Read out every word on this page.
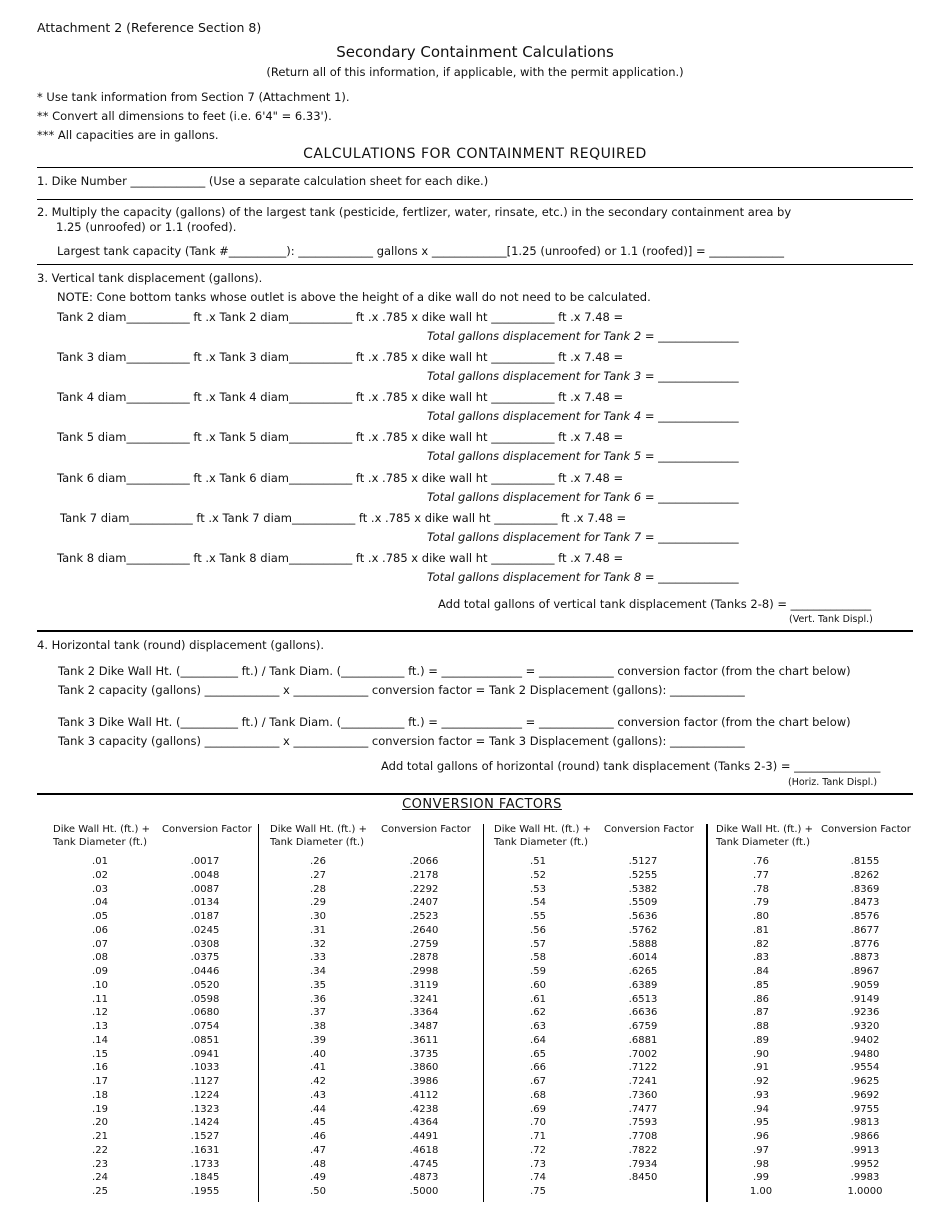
Attachment 2 (Reference Section 8)
Secondary Containment Calculations
(Return all of this information, if applicable, with the permit application.)
* Use tank information from Section 7 (Attachment 1).
** Convert all dimensions to feet (i.e. 6'4" = 6.33').
*** All capacities are in gallons.
CALCULATIONS FOR CONTAINMENT REQUIRED
1. Dike Number _____________ (Use a separate calculation sheet for each dike.)
2. Multiply the capacity (gallons) of the largest tank (pesticide, fertlizer, water, rinsate, etc.) in the secondary containment area by
1.25 (unroofed) or 1.1 (roofed).
Largest tank capacity (Tank #__________): _____________ gallons x _____________[1.25 (unroofed) or 1.1 (roofed)] = _____________
3. Vertical tank displacement (gallons).
NOTE: Cone bottom tanks whose outlet is above the height of a dike wall do not need to be calculated.
Tank 2 diam___________ ft .x Tank 2 diam___________ ft .x .785 x dike wall ht ___________ ft .x 7.48 =
Total gallons displacement for Tank 2 = ______________
Tank 3 diam___________ ft .x Tank 3 diam___________ ft .x .785 x dike wall ht ___________ ft .x 7.48 =
Total gallons displacement for Tank 3 = ______________
Tank 4 diam___________ ft .x Tank 4 diam___________ ft .x .785 x dike wall ht ___________ ft .x 7.48 =
Total gallons displacement for Tank 4 = ______________
Tank 5 diam___________ ft .x Tank 5 diam___________ ft .x .785 x dike wall ht ___________ ft .x 7.48 =
Total gallons displacement for Tank 5 = ______________
Tank 6 diam___________ ft .x Tank 6 diam___________ ft .x .785 x dike wall ht ___________ ft .x 7.48 =
Total gallons displacement for Tank 6 = ______________
Tank 7 diam___________ ft .x Tank 7 diam___________ ft .x .785 x dike wall ht ___________ ft .x 7.48 =
Total gallons displacement for Tank 7 = ______________
Tank 8 diam___________ ft .x Tank 8 diam___________ ft .x .785 x dike wall ht ___________ ft .x 7.48 =
Total gallons displacement for Tank 8 = ______________
Add total gallons of vertical tank displacement (Tanks 2-8) = ______________
(Vert. Tank Displ.)
4. Horizontal tank (round) displacement (gallons).
Tank 2 Dike Wall Ht. (__________ ft.) / Tank Diam. (___________ ft.) = ______________ = _____________ conversion factor (from the chart below)
Tank 2 capacity (gallons) _____________ x _____________ conversion factor = Tank 2 Displacement (gallons): _____________
Tank 3 Dike Wall Ht. (__________ ft.) / Tank Diam. (___________ ft.) = ______________ = _____________ conversion factor (from the chart below)
Tank 3 capacity (gallons) _____________ x _____________ conversion factor = Tank 3 Displacement (gallons): _____________
Add total gallons of horizontal (round) tank displacement (Tanks 2-3) = _______________
(Horiz. Tank Displ.)
CONVERSION FACTORS
Dike Wall Ht. (ft.) +
Tank Diameter (ft.)
Conversion Factor Dike Wall Ht. (ft.) +
Tank Diameter (ft.)
Conversion Factor Dike Wall Ht. (ft.) +
Tank Diameter (ft.)
Conversion Factor Dike Wall Ht. (ft.) +
Tank Diameter (ft.)
Conversion Factor
.01
.02
.03
.04
.05
.06
.07
.08
.09
.10
.11
.12
.13
.14
.15
.16
.17
.18
.19
.20
.21
.22
.23
.24
.25
.0017
.0048
.0087
.0134
.0187
.0245
.0308
.0375
.0446
.0520
.0598
.0680
.0754
.0851
.0941
.1033
.1127
.1224
.1323
.1424
.1527
.1631
.1733
.1845
.1955
.26
.27
.28
.29
.30
.31
.32
.33
.34
.35
.36
.37
.38
.39
.40
.41
.42
.43
.44
.45
.46
.47
.48
.49
.50
.2066
.2178
.2292
.2407
.2523
.2640
.2759
.2878
.2998
.3119
.3241
.3364
.3487
.3611
.3735
.3860
.3986
.4112
.4238
.4364
.4491
.4618
.4745
.4873
.5000
.51
.52
.53
.54
.55
.56
.57
.58
.59
.60
.61
.62
.63
.64
.65
.66
.67
.68
.69
.70
.71
.72
.73
.74
.75
.5127
.5255
.5382
.5509
.5636
.5762
.5888
.6014
.6265
.6389
.6513
.6636
.6759
.6881
.7002
.7122
.7241
.7360
.7477
.7593
.7708
.7822
.7934
.8450
.76
.77
.78
.79
.80
.81
.82
.83
.84
.85
.86
.87
.88
.89
.90
.91
.92
.93
.94
.95
.96
.97
.98
.99
1.00
.8155
.8262
.8369
.8473
.8576
.8677
.8776
.8873
.8967
.9059
.9149
.9236
.9320
.9402
.9480
.9554
.9625
.9692
.9755
.9813
.9866
.9913
.9952
.9983
1.0000
